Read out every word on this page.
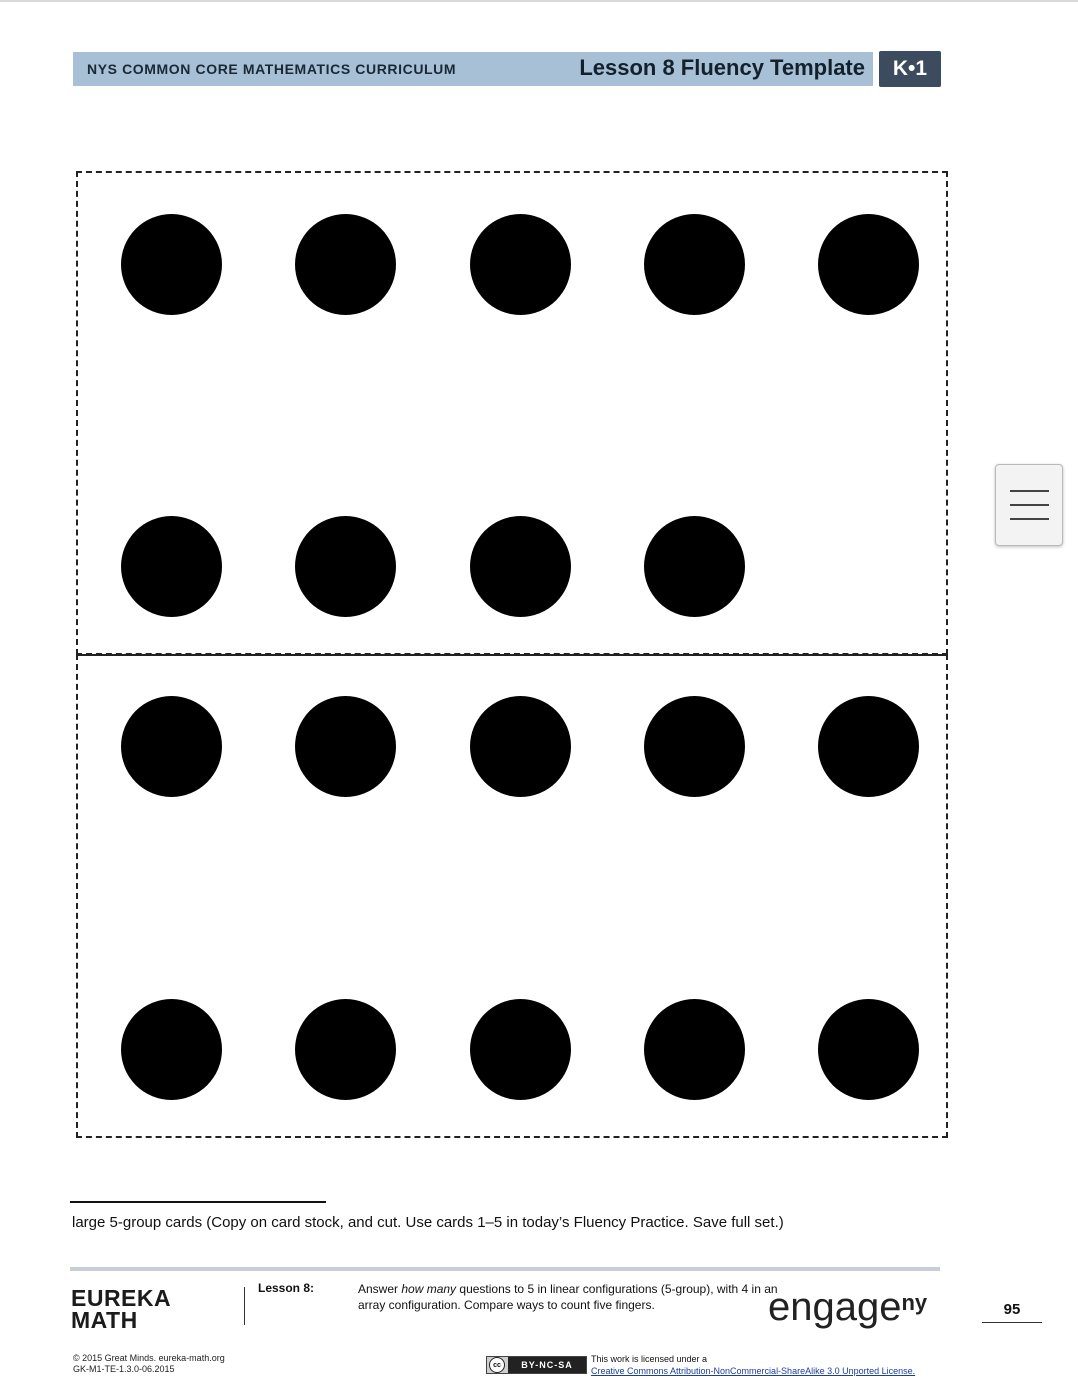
NYS COMMON CORE MATHEMATICS CURRICULUM	Lesson 8 Fluency Template	K•1
large 5-group cards (Copy on card stock, and cut. Use cards 1–5 in today’s Fluency Practice. Save full set.)
EUREKA
MATH
Lesson 8:	Answer how many questions to 5 in linear configurations (5-group), with 4 in an array configuration. Compare ways to count five fingers.	engage$^{ny}$	95
© 2015 Great Minds. eureka-math.org
GK-M1-TE-1.3.0-06.2015	cc	BY-NC-SA
This work is licensed under a
Creative Commons Attribution-NonCommercial-ShareAlike 3.0 Unported License.
